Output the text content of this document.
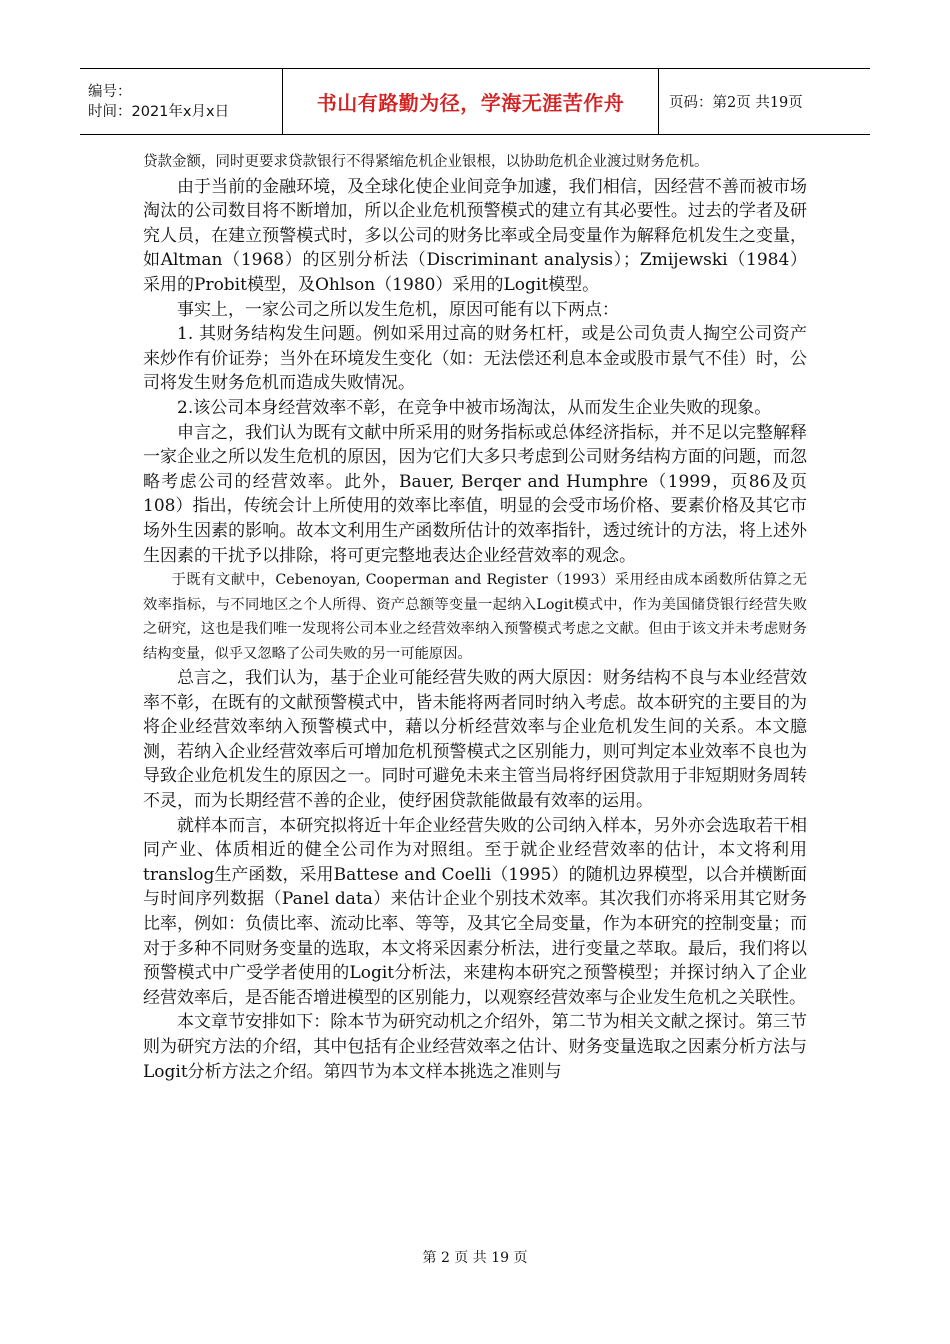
编号：
时间：2021年x月x日	书山有路勤为径，学海无涯苦作舟	页码：第2页 共19页

贷款金额，同时更要求贷款银行不得紧缩危机企业银根，以协助危机企业渡过财务危机。

由于当前的金融环境，及全球化使企业间竞争加遽，我们相信，因经营不善而被市场淘汰的公司数目将不断增加，所以企业危机预警模式的建立有其必要性。过去的学者及研究人员，在建立预警模式时，多以公司的财务比率或全局变量作为解释危机发生之变量，如Altman（1968）的区别分析法（Discriminant analysis）；Zmijewski（1984）采用的Probit模型，及Ohlson（1980）采用的Logit模型。

事实上，一家公司之所以发生危机，原因可能有以下两点：

1. 其财务结构发生问题。例如采用过高的财务杠杆，或是公司负责人掏空公司资产来炒作有价证券；当外在环境发生变化（如：无法偿还利息本金或股市景气不佳）时，公司将发生财务危机而造成失败情况。

2.该公司本身经营效率不彰，在竞争中被市场淘汰，从而发生企业失败的现象。

申言之，我们认为既有文献中所采用的财务指标或总体经济指标，并不足以完整解释一家企业之所以发生危机的原因，因为它们大多只考虑到公司财务结构方面的问题，而忽略考虑公司的经营效率。此外，Bauer, Berqer and Humphre（1999，页86及页108）指出，传统会计上所使用的效率比率值，明显的会受市场价格、要素价格及其它市场外生因素的影响。故本文利用生产函数所估计的效率指针，透过统计的方法，将上述外生因素的干扰予以排除，将可更完整地表达企业经营效率的观念。

于既有文献中，Cebenoyan, Cooperman and Register（1993）采用经由成本函数所估算之无效率指标，与不同地区之个人所得、资产总额等变量一起纳入Logit模式中，作为美国储贷银行经营失败之研究，这也是我们唯一发现将公司本业之经营效率纳入预警模式考虑之文献。但由于该文并未考虑财务结构变量，似乎又忽略了公司失败的另一可能原因。

总言之，我们认为，基于企业可能经营失败的两大原因：财务结构不良与本业经营效率不彰，在既有的文献预警模式中，皆未能将两者同时纳入考虑。故本研究的主要目的为将企业经营效率纳入预警模式中，藉以分析经营效率与企业危机发生间的关系。本文臆测，若纳入企业经营效率后可增加危机预警模式之区别能力，则可判定本业效率不良也为导致企业危机发生的原因之一。同时可避免未来主管当局将纾困贷款用于非短期财务周转不灵，而为长期经营不善的企业，使纾困贷款能做最有效率的运用。

就样本而言，本研究拟将近十年企业经营失败的公司纳入样本，另外亦会选取若干相同产业、体质相近的健全公司作为对照组。至于就企业经营效率的估计，本文将利用translog生产函数，采用Battese and Coelli（1995）的随机边界模型，以合并横断面与时间序列数据（Panel data）来估计企业个别技术效率。其次我们亦将采用其它财务比率，例如：负债比率、流动比率、等等，及其它全局变量，作为本研究的控制变量；而对于多种不同财务变量的选取，本文将采因素分析法，进行变量之萃取。最后，我们将以预警模式中广受学者使用的Logit分析法，来建构本研究之预警模型；并探讨纳入了企业经营效率后，是否能否增进模型的区别能力，以观察经营效率与企业发生危机之关联性。

本文章节安排如下：除本节为研究动机之介绍外，第二节为相关文献之探讨。第三节则为研究方法的介绍，其中包括有企业经营效率之估计、财务变量选取之因素分析方法与Logit分析方法之介绍。第四节为本文样本挑选之准则与

第 2 页 共 19 页
